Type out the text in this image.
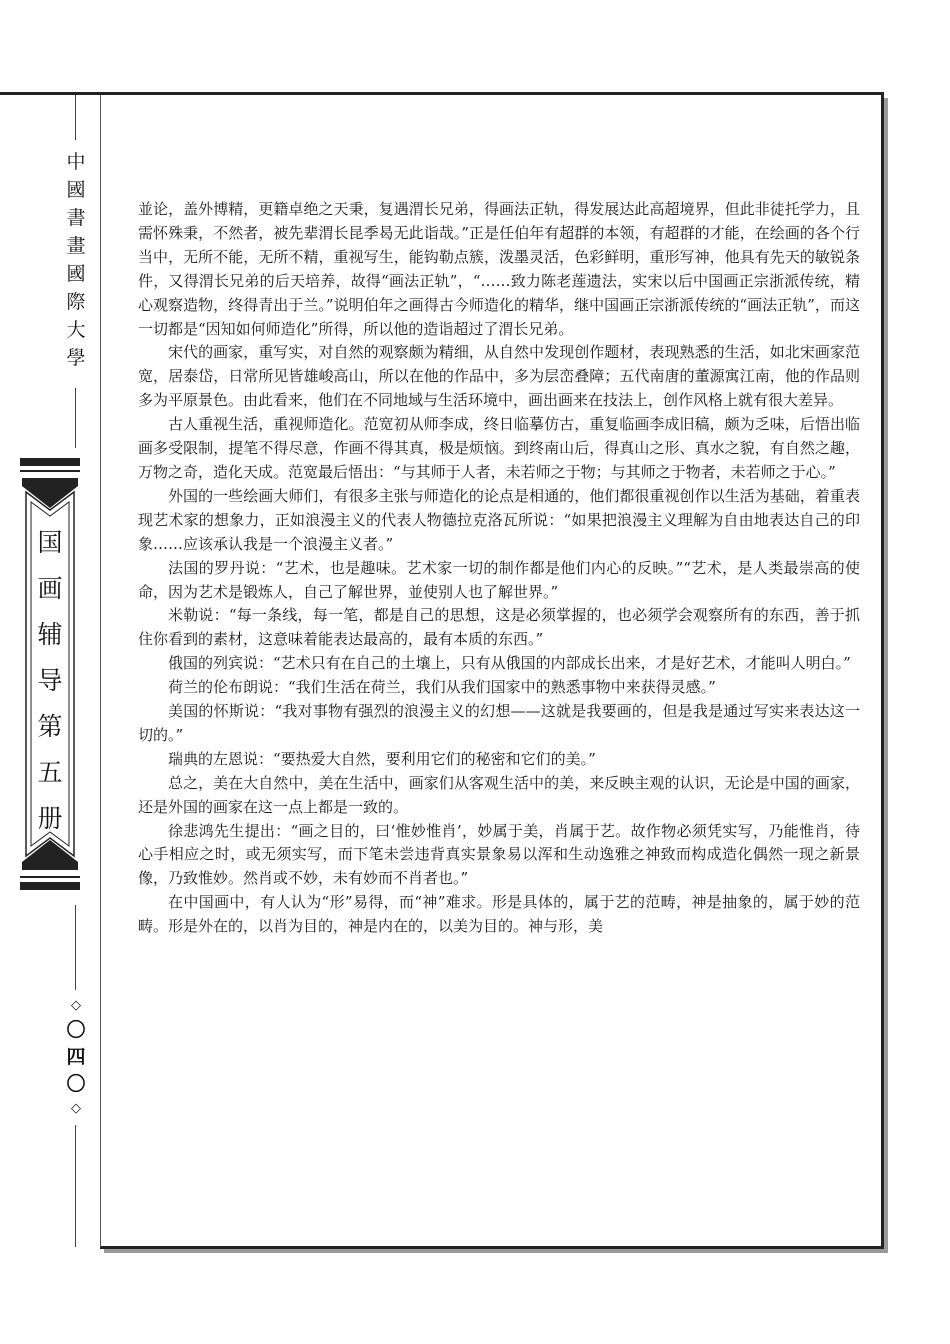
中
國
書
畫
國
際
大
學
国
画
辅
导
第
五
册
◇
〇
四
〇
◇

並论，盖外博精，更籍卓绝之天秉，复遇渭长兄弟，得画法正轨，得发展达此高超境界，但此非徒托学力，且需怀殊秉，不然者，被先辈渭长昆季曷无此诣哉。”正是任伯年有超群的本领，有超群的才能，在绘画的各个行当中，无所不能，无所不精，重视写生，能钩勒点簇，泼墨灵活，色彩鲜明，重形写神，他具有先天的敏锐条件，又得渭长兄弟的后天培养，故得“画法正轨”，“……致力陈老莲遗法，实宋以后中国画正宗浙派传统，精心观察造物，终得青出于兰。”说明伯年之画得古今师造化的精华，继中国画正宗浙派传统的“画法正轨”，而这一切都是“因知如何师造化”所得，所以他的造诣超过了渭长兄弟。

宋代的画家，重写实，对自然的观察颇为精细，从自然中发现创作题材，表现熟悉的生活，如北宋画家范宽，居泰岱，日常所见皆雄峻高山，所以在他的作品中，多为层峦叠障；五代南唐的董源寓江南，他的作品则多为平原景色。由此看来，他们在不同地域与生活环境中，画出画来在技法上，创作风格上就有很大差异。

古人重视生活，重视师造化。范宽初从师李成，终日临摹仿古，重复临画李成旧稿，颇为乏味，后悟出临画多受限制，提笔不得尽意，作画不得其真，极是烦恼。到终南山后，得真山之形、真水之貌，有自然之趣，万物之奇，造化天成。范宽最后悟出：“与其师于人者，未若师之于物；与其师之于物者，未若师之于心。”

外国的一些绘画大师们，有很多主张与师造化的论点是相通的，他们都很重视创作以生活为基础，着重表现艺术家的想象力，正如浪漫主义的代表人物德拉克洛瓦所说：“如果把浪漫主义理解为自由地表达自己的印象……应该承认我是一个浪漫主义者。”

法国的罗丹说：“艺术，也是趣味。艺术家一切的制作都是他们内心的反映。”“艺术，是人类最崇高的使命，因为艺术是锻炼人，自己了解世界，並使别人也了解世界。”

米勒说：“每一条线，每一笔，都是自己的思想，这是必须掌握的，也必须学会观察所有的东西，善于抓住你看到的素材，这意味着能表达最高的，最有本质的东西。”

俄国的列宾说：“艺术只有在自己的土壤上，只有从俄国的内部成长出来，才是好艺术，才能叫人明白。”

荷兰的伦布朗说：“我们生活在荷兰，我们从我们国家中的熟悉事物中来获得灵感。”

美国的怀斯说：“我对事物有强烈的浪漫主义的幻想——这就是我要画的，但是我是通过写实来表达这一切的。”

瑞典的左恩说：“要热爱大自然，要利用它们的秘密和它们的美。”

总之，美在大自然中，美在生活中，画家们从客观生活中的美，来反映主观的认识，无论是中国的画家，还是外国的画家在这一点上都是一致的。

徐悲鸿先生提出：“画之目的，曰‘惟妙惟肖’，妙属于美，肖属于艺。故作物必须凭实写，乃能惟肖，待心手相应之时，或无须实写，而下笔未尝违背真实景象易以浑和生动逸雅之神致而构成造化偶然一现之新景像，乃致惟妙。然肖或不妙，未有妙而不肖者也。”

在中国画中，有人认为“形”易得，而“神”难求。形是具体的，属于艺的范畴，神是抽象的，属于妙的范畴。形是外在的，以肖为目的，神是内在的，以美为目的。神与形，美
